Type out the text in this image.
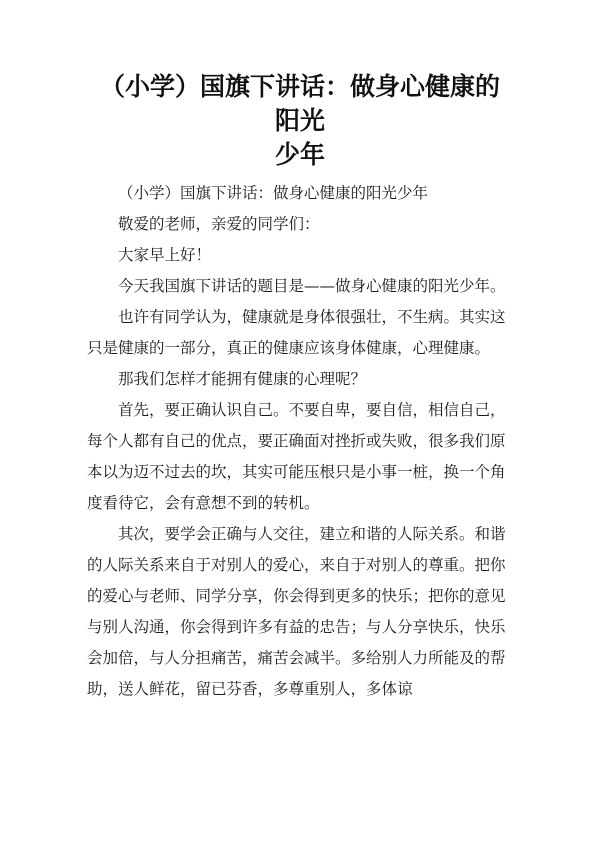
（小学）国旗下讲话：做身心健康的阳光
少年

（小学）国旗下讲话：做身心健康的阳光少年

敬爱的老师，亲爱的同学们：

大家早上好！

今天我国旗下讲话的题目是——做身心健康的阳光少年。

也许有同学认为，健康就是身体很强壮，不生病。其实这只是健康的一部分，真正的健康应该身体健康，心理健康。

那我们怎样才能拥有健康的心理呢？

首先，要正确认识自己。不要自卑，要自信，相信自己，每个人都有自己的优点，要正确面对挫折或失败，很多我们原本以为迈不过去的坎，其实可能压根只是小事一桩，换一个角度看待它，会有意想不到的转机。

其次，要学会正确与人交往，建立和谐的人际关系。和谐的人际关系来自于对别人的爱心，来自于对别人的尊重。把你的爱心与老师、同学分享，你会得到更多的快乐；把你的意见与别人沟通，你会得到许多有益的忠告；与人分享快乐，快乐会加倍，与人分担痛苦，痛苦会减半。多给别人力所能及的帮助，送人鲜花，留已芬香，多尊重别人，多体谅
